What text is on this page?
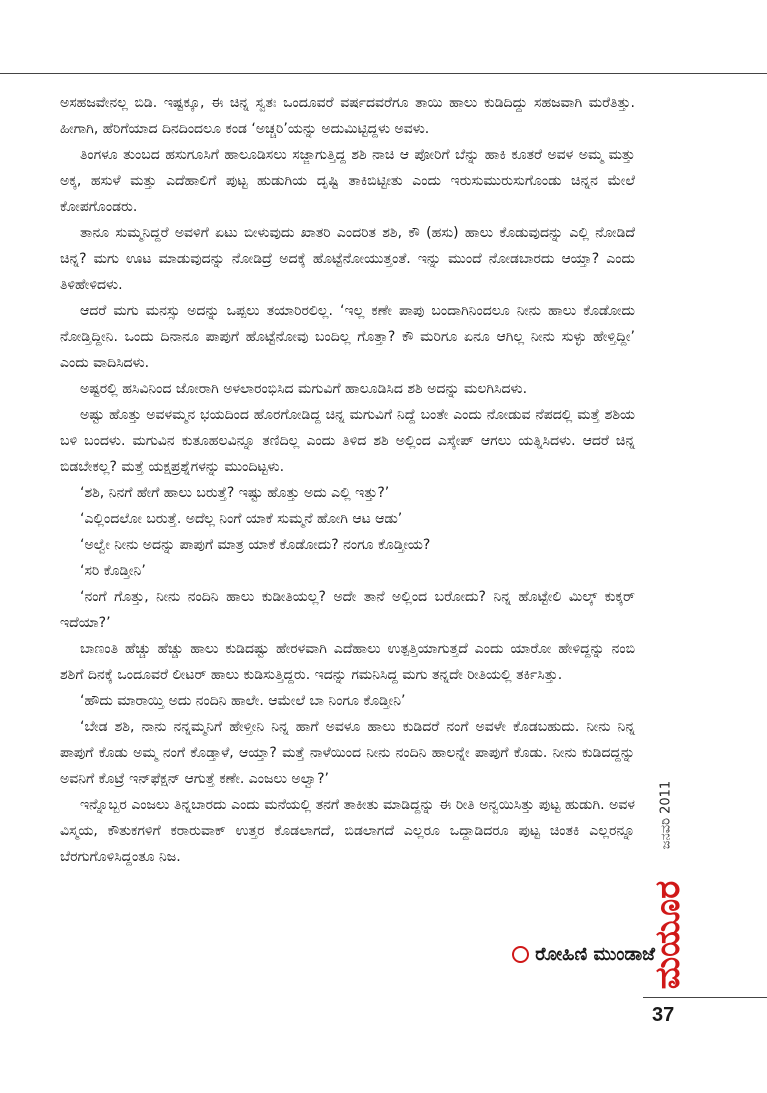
ಅಸಹಜವೇನಲ್ಲ ಬಿಡಿ. ಇಷ್ಟಕ್ಕೂ, ಈ ಚಿನ್ನ ಸ್ವತಃ ಒಂದೂವರೆ ವರ್ಷದವರೆಗೂ ತಾಯಿ ಹಾಲು ಕುಡಿದಿದ್ದು ಸಹಜವಾಗಿ ಮರೆತಿತ್ತು. ಹೀಗಾಗಿ, ಹೆರಿಗೆಯಾದ ದಿನದಿಂದಲೂ ಕಂಡ ‘ಅಚ್ಚರಿ’ಯನ್ನು ಅದುಮಿಟ್ಟಿದ್ದಳು ಅವಳು.

ತಿಂಗಳೂ ತುಂಬದ ಹಸುಗೂಸಿಗೆ ಹಾಲೂಡಿಸಲು ಸಜ್ಜಾಗುತ್ತಿದ್ದ ಶಶಿ ನಾಚಿ ಆ ಪೋರಿಗೆ ಬೆನ್ನು ಹಾಕಿ ಕೂತರೆ ಅವಳ ಅಮ್ಮ ಮತ್ತು ಅಕ್ಕ, ಹಸುಳೆ ಮತ್ತು ಎದೆಹಾಲಿಗೆ ಪುಟ್ಟ ಹುಡುಗಿಯ ದೃಷ್ಟಿ ತಾಕಿಬಿಟ್ಟೀತು ಎಂದು ಇರುಸುಮುರುಸುಗೊಂಡು ಚಿನ್ನನ ಮೇಲೆ ಕೋಪಗೊಂಡರು.

ತಾನೂ ಸುಮ್ಮನಿದ್ದರೆ ಅವಳಿಗೆ ಏಟು ಬೀಳುವುದು ಖಾತರಿ ಎಂದರಿತ ಶಶಿ, ಕೌ (ಹಸು) ಹಾಲು ಕೊಡುವುದನ್ನು ಎಲ್ಲಿ ನೋಡಿದೆ ಚಿನ್ನ? ಮಗು ಊಟ ಮಾಡುವುದನ್ನು ನೋಡಿದ್ರೆ ಅದಕ್ಕೆ ಹೊಟ್ಟೆನೋಯುತ್ತಂತೆ. ಇನ್ನು ಮುಂದೆ ನೋಡಬಾರದು ಆಯ್ತಾ? ಎಂದು ತಿಳಿಹೇಳಿದಳು.

ಆದರೆ ಮಗು ಮನಸ್ಸು ಅದನ್ನು ಒಪ್ಪಲು ತಯಾರಿರಲಿಲ್ಲ. ‘ಇಲ್ಲ ಕಣೇ ಪಾಪು ಬಂದಾಗಿನಿಂದಲೂ ನೀನು ಹಾಲು ಕೊಡೋದು ನೋಡ್ತಿದ್ದೀನಿ. ಒಂದು ದಿನಾನೂ ಪಾಪುಗೆ ಹೊಟ್ಟೆನೋವು ಬಂದಿಲ್ಲ ಗೊತ್ತಾ? ಕೌ ಮರಿಗೂ ಏನೂ ಆಗಿಲ್ಲ ನೀನು ಸುಳ್ಳು ಹೇಳ್ತಿದ್ದೀ’ ಎಂದು ವಾದಿಸಿದಳು.

ಅಷ್ಟರಲ್ಲಿ ಹಸಿವಿನಿಂದ ಜೋರಾಗಿ ಅಳಲಾರಂಭಿಸಿದ ಮಗುವಿಗೆ ಹಾಲೂಡಿಸಿದ ಶಶಿ ಅದನ್ನು ಮಲಗಿಸಿದಳು.

ಅಷ್ಟು ಹೊತ್ತು ಅವಳಮ್ಮನ ಭಯದಿಂದ ಹೊರಗೋಡಿದ್ದ ಚಿನ್ನ ಮಗುವಿಗೆ ನಿದ್ದೆ ಬಂತೇ ಎಂದು ನೋಡುವ ನೆಪದಲ್ಲಿ ಮತ್ತೆ ಶಶಿಯ ಬಳಿ ಬಂದಳು. ಮಗುವಿನ ಕುತೂಹಲವಿನ್ನೂ ತಣಿದಿಲ್ಲ ಎಂದು ತಿಳಿದ ಶಶಿ ಅಲ್ಲಿಂದ ಎಸ್ಕೇಪ್ ಆಗಲು ಯತ್ನಿಸಿದಳು. ಆದರೆ ಚಿನ್ನ ಬಿಡಬೇಕಲ್ಲ? ಮತ್ತೆ ಯಕ್ಷಪ್ರಶ್ನೆಗಳನ್ನು ಮುಂದಿಟ್ಟಳು.

‘ಶಶಿ, ನಿನಗೆ ಹೇಗೆ ಹಾಲು ಬರುತ್ತೆ? ಇಷ್ಟು ಹೊತ್ತು ಅದು ಎಲ್ಲಿ ಇತ್ತು?’

‘ಎಲ್ಲಿಂದಲೋ ಬರುತ್ತೆ. ಅದೆಲ್ಲ ನಿಂಗೆ ಯಾಕೆ ಸುಮ್ಮನೆ ಹೋಗಿ ಆಟ ಆಡು’

‘ಅಲ್ವೇ ನೀನು ಅದನ್ನು ಪಾಪುಗೆ ಮಾತ್ರ ಯಾಕೆ ಕೊಡೋದು? ನಂಗೂ ಕೊಡ್ತೀಯ?

‘ಸರಿ ಕೊಡ್ತೀನಿ’

‘ನಂಗೆ ಗೊತ್ತು, ನೀನು ನಂದಿನಿ ಹಾಲು ಕುಡೀತಿಯಲ್ಲ? ಅದೇ ತಾನೆ ಅಲ್ಲಿಂದ ಬರೋದು? ನಿನ್ನ ಹೊಟ್ಟೇಲಿ ಮಿಲ್ಕ್ ಕುಕ್ಕರ್ ಇದೆಯಾ?’

ಬಾಣಂತಿ ಹೆಚ್ಚು ಹೆಚ್ಚು ಹಾಲು ಕುಡಿದಷ್ಟು ಹೇರಳವಾಗಿ ಎದೆಹಾಲು ಉತ್ಪತ್ತಿಯಾಗುತ್ತದೆ ಎಂದು ಯಾರೋ ಹೇಳಿದ್ದನ್ನು ನಂಬಿ ಶಶಿಗೆ ದಿನಕ್ಕೆ ಒಂದೂವರೆ ಲೀಟರ್ ಹಾಲು ಕುಡಿಸುತ್ತಿದ್ದರು. ಇದನ್ನು ಗಮನಿಸಿದ್ದ ಮಗು ತನ್ನದೇ ರೀತಿಯಲ್ಲಿ ತರ್ಕಿಸಿತ್ತು.

‘ಹೌದು ಮಾರಾಯ್ತಿ ಅದು ನಂದಿನಿ ಹಾಲೇ. ಆಮೇಲೆ ಬಾ ನಿಂಗೂ ಕೊಡ್ತೀನಿ’

‘ಬೇಡ ಶಶಿ, ನಾನು ನನ್ನಮ್ಮನಿಗೆ ಹೇಳ್ತೀನಿ ನಿನ್ನ ಹಾಗೆ ಅವಳೂ ಹಾಲು ಕುಡಿದರೆ ನಂಗೆ ಅವಳೇ ಕೊಡಬಹುದು. ನೀನು ನಿನ್ನ ಪಾಪುಗೆ ಕೊಡು ಅಮ್ಮ ನಂಗೆ ಕೊಡ್ತಾಳೆ, ಆಯ್ತಾ? ಮತ್ತೆ ನಾಳೆಯಿಂದ ನೀನು ನಂದಿನಿ ಹಾಲನ್ನೇ ಪಾಪುಗೆ ಕೊಡು. ನೀನು ಕುಡಿದದ್ದನ್ನು ಅವನಿಗೆ ಕೊಟ್ರೆ ಇನ್‌ಫೆಕ್ಷನ್ ಆಗುತ್ತೆ ಕಣೇ. ಎಂಜಲು ಅಲ್ವಾ?’

ಇನ್ನೊಬ್ಬರ ಎಂಜಲು ತಿನ್ನಬಾರದು ಎಂದು ಮನೆಯಲ್ಲಿ ತನಗೆ ತಾಕೀತು ಮಾಡಿದ್ದನ್ನು ಈ ರೀತಿ ಅನ್ವಯಿಸಿತ್ತು ಪುಟ್ಟ ಹುಡುಗಿ. ಅವಳ ವಿಸ್ಮಯ, ಕೌತುಕಗಳಿಗೆ ಕರಾರುವಾಕ್ ಉತ್ತರ ಕೊಡಲಾಗದೆ, ಬಿಡಲಾಗದೆ ಎಲ್ಲರೂ ಒದ್ದಾಡಿದರೂ ಪುಟ್ಟ ಚಿಂತಕಿ ಎಲ್ಲರನ್ನೂ ಬೆರಗುಗೊಳಿಸಿದ್ದಂತೂ ನಿಜ.

ರೋಹಿಣಿ ಮುಂಡಾಜೆ
ಜನವರಿ 2011
ಮಯೂರ
37
